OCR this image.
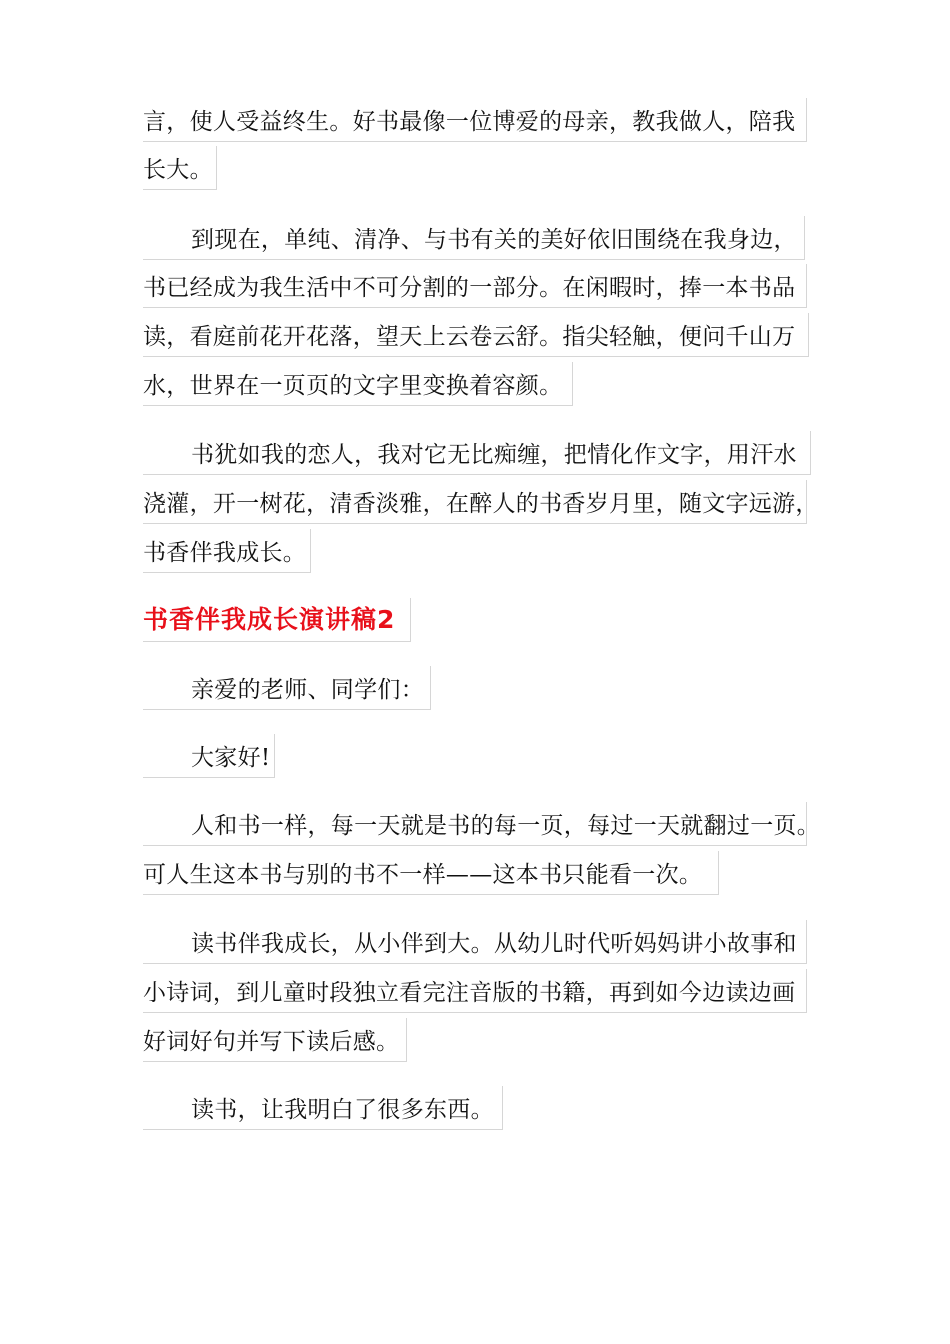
言，使人受益终生。好书最像一位博爱的母亲，教我做人，陪我
长大。
到现在，单纯、清净、与书有关的美好依旧围绕在我身边，
书已经成为我生活中不可分割的一部分。在闲暇时，捧一本书品
读，看庭前花开花落，望天上云卷云舒。指尖轻触，便问千山万
水，世界在一页页的文字里变换着容颜。
书犹如我的恋人，我对它无比痴缠，把情化作文字，用汗水
浇灌，开一树花，清香淡雅，在醉人的书香岁月里，随文字远游，
书香伴我成长。
书香伴我成长演讲稿2
亲爱的老师、同学们：
大家好!
人和书一样，每一天就是书的每一页，每过一天就翻过一页。
可人生这本书与别的书不一样——这本书只能看一次。
读书伴我成长，从小伴到大。从幼儿时代听妈妈讲小故事和
小诗词，到儿童时段独立看完注音版的书籍，再到如今边读边画
好词好句并写下读后感。
读书，让我明白了很多东西。
